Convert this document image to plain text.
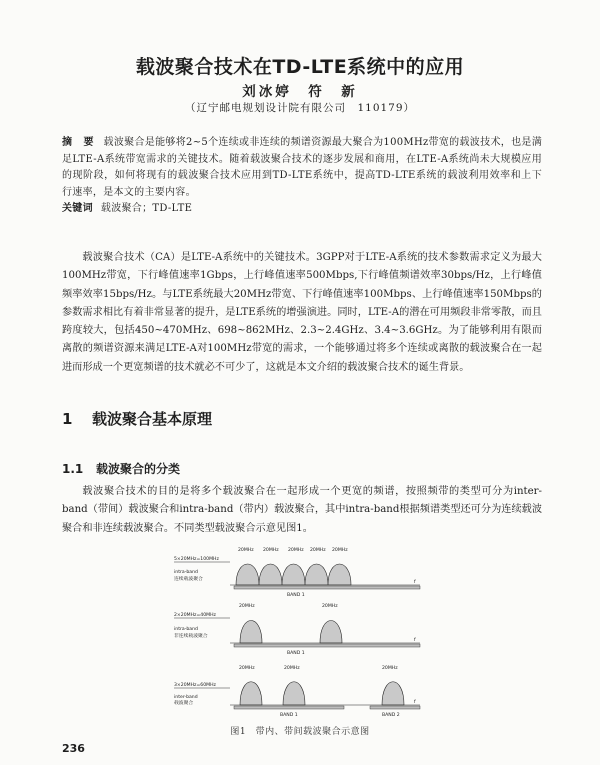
载波聚合技术在TD-LTE系统中的应用
刘冰婷　符　新
（辽宁邮电规划设计院有限公司　110179）
摘 要 载波聚合是能够将2~5个连续或非连续的频谱资源最大聚合为100MHz带宽的载波技术，也是满足LTE-A系统带宽需求的关键技术。随着载波聚合技术的逐步发展和商用，在LTE-A系统尚未大规模应用的现阶段，如何将现有的载波聚合技术应用到TD-LTE系统中，提高TD-LTE系统的载波利用效率和上下行速率，是本文的主要内容。
关键词 载波聚合；TD-LTE

载波聚合技术（CA）是LTE-A系统中的关键技术。3GPP对于LTE-A系统的技术参数需求定义为最大100MHz带宽，下行峰值速率1Gbps，上行峰值速率500Mbps,下行峰值频谱效率30bps/Hz，上行峰值频率效率15bps/Hz。与LTE系统最大20MHz带宽、下行峰值速率100Mbps、上行峰值速率150Mbps的参数需求相比有着非常显著的提升，是LTE系统的增强演进。同时，LTE-A的潜在可用频段非常零散，而且跨度较大，包括450~470MHz、698~862MHz、2.3~2.4GHz、3.4~3.6GHz。为了能够利用有限而离散的频谱资源来满足LTE-A对100MHz带宽的需求，一个能够通过将多个连续或离散的载波聚合在一起进而形成一个更宽频谱的技术就必不可少了，这就是本文介绍的载波聚合技术的诞生背景。

1 载波聚合基本原理
1.1 载波聚合的分类

载波聚合技术的目的是将多个载波聚合在一起形成一个更宽的频谱，按照频带的类型可分为inter-band（带间）载波聚合和intra-band（带内）载波聚合，其中intra-band根据频谱类型还可分为连续载波聚合和非连续载波聚合。不同类型载波聚合示意见图1。

20MHz 20MHz 20MHz 20MHz 20MHz
5×20MHz=100MHz
intra-band
连续载波聚合
f
BAND 1
20MHz	20MHz
2×20MHz=40MHz
intra-band
非连续载波聚合
f
BAND 1
20MHz	20MHz	20MHz
3×20MHz=60MHz
inter-band
载波聚合	f
BAND 1	BAND 2
图1　带内、带间载波聚合示意图
236
